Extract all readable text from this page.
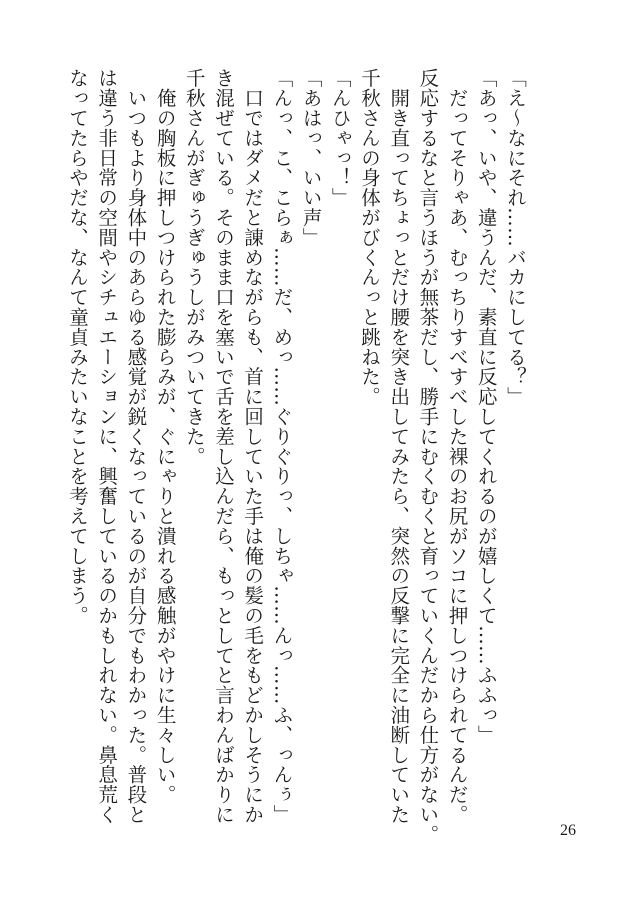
「え〜なにそれ……バカにしてる？」
「あっ、いや、違うんだ、素直に反応してくれるのが嬉しくて……ふふっ」
　だってそりゃあ、むっちりすべすべした裸のお尻がソコに押しつけられてるんだ。
反応するなと言うほうが無茶だし、勝手にむくむくと育っていくんだから仕方がない。
　開き直ってちょっとだけ腰を突き出してみたら、突然の反撃に完全に油断していた
千秋さんの身体がびくんっと跳ねた。
「んひゃっ！」
「あはっ、いい声」
「んっ、こ、こらぁ……だ、めっ……ぐりぐりっ、しちゃ……んっ……ふ、っんぅ」
　口ではダメだと諌めながらも、首に回していた手は俺の髪の毛をもどかしそうにか
き混ぜている。そのまま口を塞いで舌を差し込んだら、もっとしてと言わんばかりに
千秋さんがぎゅうぎゅうしがみついてきた。
　俺の胸板に押しつけられた膨らみが、ぐにゃりと潰れる感触がやけに生々しい。
　いつもより身体中のあらゆる感覚が鋭くなっているのが自分でもわかった。普段と
は違う非日常の空間やシチュエーションに、興奮しているのかもしれない。鼻息荒く
なってたらやだな、なんて童貞みたいなことを考えてしまう。
26
